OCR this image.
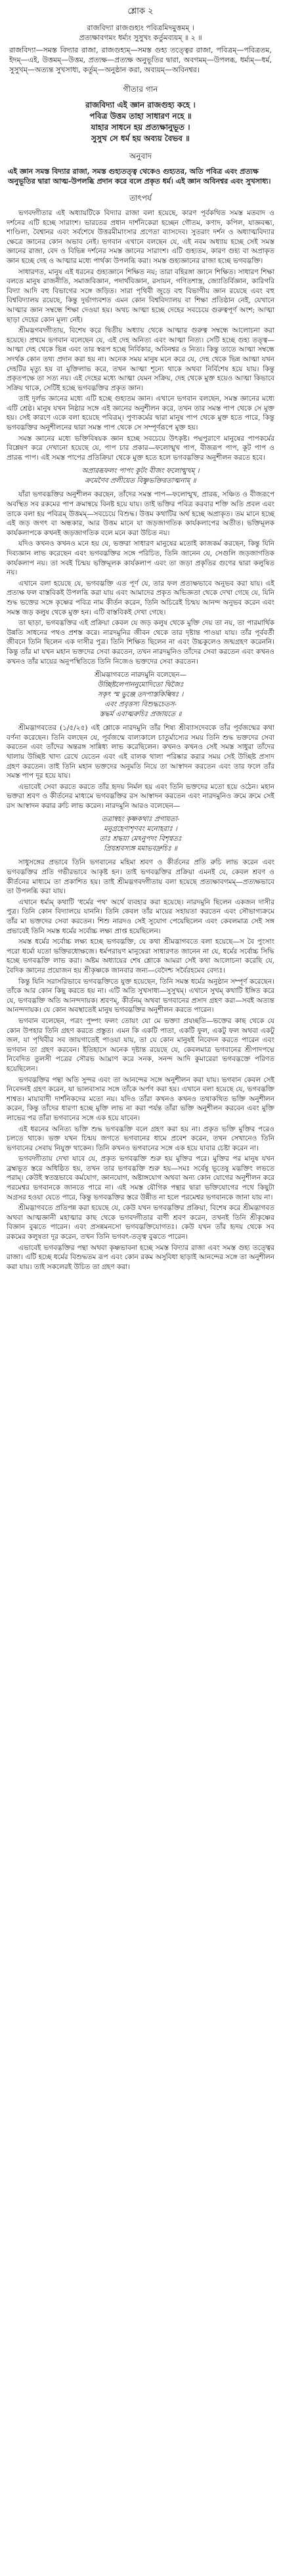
শ্লোক ২
রাজবিদ্যা রাজগুহ্যং পবিত্রমিদমুত্তমম্ ।
প্রত্যক্ষাবগমং ধর্ম্যং সুসুখং কর্তুমব্যয়ম্ ॥ ২ ॥
রাজবিদ্যা—সমস্ত বিদ্যার রাজা, রাজগুহ্যম্—সমস্ত গুহ্য তত্ত্বের রাজা, পবিত্রম্—পবিত্রতম, ইদম্—এই, উত্তমম্—উত্তম, প্রত্যক্ষ—প্রত্যক্ষ অনুভূতির দ্বারা, অবগমম্—উপলব্ধ, ধর্ম্যম্—ধর্ম, সুসুখম্—অত্যন্ত সুখসাধ্য, কর্তুম্—অনুষ্ঠান করা, অব্যয়ম্—অবিনশ্বর।
গীতার গান
রাজবিদ্যা এই জ্ঞান রাজগুহ্য কহে ।
পবিত্র উত্তম তাহা সাধারণ নহে ॥
যাহার সাধনে হয় প্রত্যক্ষানুভূত ।
সুসুখ সে ধর্ম হয় অব্যয় বৈভব ॥
অনুবাদ
এই জ্ঞান সমস্ত বিদ্যার রাজা, সমস্ত গুহ্যতত্ত্ব থেকেও গুহ্যতর, অতি পবিত্র এবং প্রত্যক্ষ অনুভূতির দ্বারা আত্ম-উপলব্ধি প্রদান করে বলে প্রকৃত ধর্ম। এই জ্ঞান অবিনশ্বর এবং সুখসাধ্য।
তাৎপর্য

ভগবদ্গীতার এই অধ্যায়টিকে বিদ্যার রাজা বলা হয়েছে, কারণ পূর্বকথিত সমস্ত মতবাদ ও দর্শনের এটি হচ্ছে সারাংশ। ভারতের প্রধান দার্শনিকেরা হচ্ছেন গৌতম, কণাদ, কপিল, যাজ্ঞবল্ক্য, শাণ্ডিল্য, বৈশ্বানর এবং সর্বশেষে উত্তরমীমাংসার প্রণেতা ব্যাসদেব। সুতরাং দর্শন ও অধ্যাত্মবিদ্যার ক্ষেত্রে জ্ঞানের কোন অভাব নেই। ভগবান এখানে বলছেন যে, এই নবম অধ্যায় হচ্ছে সেই সমস্ত জ্ঞানের রাজা, বেদ ও বিভিন্ন দর্শনের সমস্ত জ্ঞানের সারাংশ। এটি গুহ্যতম, কারণ গুহ্য বা অপ্রাকৃত জ্ঞান হচ্ছে দেহ ও আত্মার মধ্যে পার্থক্য উপলব্ধি করা। সমস্ত গুহ্যজ্ঞানের রাজা হচ্ছে ভগবদ্ভক্তি।

সাধারণত, মানুষ এই ধরনের গুহ্যজ্ঞানে শিক্ষিত নয়; তারা বহিরঙ্গা জ্ঞানে শিক্ষিত। সাধারণ শিক্ষা বলতে মানুষ রাজনীতি, সমাজবিজ্ঞান, পদার্থবিজ্ঞান, রসায়ন, গণিতশাস্ত্র, জ্যোতির্বিজ্ঞান, কারিগরি বিদ্যা আদি বহু বিভাগের সঙ্গে জড়িত। সারা পৃথিবী জুড়ে বহু বিভাগীয় জ্ঞান রয়েছে এবং বহু বিশ্ববিদ্যালয় রয়েছে, কিন্তু দুর্ভাগ্যবশত এমন কোন বিশ্ববিদ্যালয় বা শিক্ষা প্রতিষ্ঠান নেই, যেখানে আত্মার জ্ঞান সম্বন্ধে শিক্ষা দেওয়া হয়। অথচ আত্মা হচ্ছে দেহের সবচেয়ে গুরুত্বপূর্ণ অংশ; আত্মা ছাড়া দেহের কোন মূল্য নেই।

শ্রীমদ্ভগবদ্গীতায়, বিশেষ করে দ্বিতীয় অধ্যায় থেকে আত্মার গুরুত্ব সম্বন্ধে আলোচনা করা হয়েছে। প্রথমে ভগবান বলেছেন যে, এই দেহ অনিত্য এবং আত্মা নিত্য। সেটি হচ্ছে গুহ্য তত্ত্ব—আত্মা দেহ থেকে ভিন্ন এবং তার স্বরূপ হচ্ছে নির্বিকার, অবিনশ্বর ও নিত্য। কিন্তু তাতে আত্মা সম্বন্ধে সদর্থক কোন তথ্য প্রদান করা হয় না। অনেক সময় মানুষ মনে করে যে, দেহ থেকে ভিন্ন আত্মা যখন দেহটির মৃত্যু হয় বা মুক্তিলাভ করে, তখন আত্মা শূন্যে থাকে অথবা নির্বিশেষ হয়ে যায়। কিন্তু প্রকৃতপক্ষে তা সত্য নয়। এই দেহের মধ্যে আত্মা যেমন সক্রিয়, দেহ থেকে মুক্ত হয়েও আত্মা কিভাবে সক্রিয় থাকে, সেটিই হচ্ছে ভগবদ্ভক্তির প্রকৃত জ্ঞান।

তাই দুর্লভ জ্ঞানের মধ্যে এটি হচ্ছে গুহ্যতম জ্ঞান। এখানে ভগবান বলছেন, সমস্ত জ্ঞানের মধ্যে এটি শ্রেষ্ঠ। মানুষ যখন নিষ্ঠার সঙ্গে এই জ্ঞানের অনুশীলন করে, তখন তার সমস্ত পাপ থেকে সে মুক্ত হয়। সেই কারণে একে বলা হয়েছে পবিত্রম্। পুণ্যকর্মের দ্বারা মানুষ পাপ থেকে মুক্ত হতে পারে, কিন্তু ভগবদ্ভক্তির অনুশীলনের দ্বারা সমস্ত পাপ থেকে সে সম্পূর্ণরূপে মুক্ত হয়।

সমস্ত জ্ঞানের মধ্যে ভক্তিবিষয়ক জ্ঞান হচ্ছে সবচেয়ে উৎকৃষ্ট। পদ্মপুরাণে মানুষের পাপকর্মের বিশ্লেষণ করে দেখানো হয়েছে যে, পাপ চার প্রকার—ফলোন্মুখ পাপ, বীজরূপ পাপ, কূট পাপ ও প্রারব্ধ পাপ। এই সমস্ত পাপের প্রতিক্রিয়া থেকে মুক্ত হতে হলে ভগবদ্ভক্তির অনুশীলন করতে হবে।

অপ্রারব্ধফলং পাপং কূটং বীজং ফলোন্মুখম্ ।
ক্রমেণৈব প্রলীয়েত বিষ্ণুভক্তিরতাত্মনাম্ ॥

যাঁরা ভগবদ্ভক্তির অনুশীলন করছেন, তাঁদের সমস্ত পাপ—ফলোন্মুখ, প্রারব্ধ, সঞ্চিত ও বীজরূপে অবস্থিত সব রকমের পাপ ক্রমান্বয়ে বিনষ্ট হয়ে যায়। তাই ভক্তির পবিত্র করবার শক্তি অতি প্রবল এবং তাকে বলা হয় পবিত্রম্ উত্তমম্—সবচেয়ে বিশুদ্ধ। উত্তম কথাটির অর্থ হচ্ছে অপ্রাকৃত। তম মানে হচ্ছে এই জড় জগৎ বা অন্ধকার, আর উত্তম মানে যা জড়জাগতিক কার্যকলাপের অতীত। ভক্তিমূলক কার্যকলাপকে কখনই জড়জাগতিক বলে মনে করা উচিত নয়।

যদিও কখনও কখনও মনে হয় যে, ভক্তরা সাধারণ মানুষের মতোই কাজকর্ম করছেন, কিন্তু যিনি দিব্যজ্ঞান লাভ করেছেন এবং ভগবদ্ভক্তির সঙ্গে পরিচিত, তিনি জানেন যে, সেগুলি জড়জাগতিক কার্যকলাপ নয়। তা সবই চিন্ময় ভক্তিমূলক কার্যকলাপ এবং তা জড়া প্রকৃতির গুণের দ্বারা কলুষিত নয়।

এখানে বলা হয়েছে যে, ভগবদ্ভক্তি এত পূর্ণ যে, তার ফল প্রত্যক্ষভাবে অনুভব করা যায়। এই প্রত্যক্ষ ফল বাস্তবিকই উপলব্ধি করা যায় এবং আমাদের প্রকৃত অভিজ্ঞতা থেকে দেখা গেছে যে, যিনি শুদ্ধ ভক্তের সঙ্গে কৃষ্ণের পবিত্র নাম কীর্তন করেন, তিনি অচিরেই চিন্ময় আনন্দ অনুভব করেন এবং সমস্ত জড় কলুষ থেকে মুক্ত হন। এটি বাস্তবিকই দেখা গেছে।

তা ছাড়া, ভগবদ্ভক্তির এই প্রক্রিয়া কেবল যে জড় কলুষ থেকে মুক্তি দেয় তা নয়, তা পারমার্থিক উন্নতি সাধনের পথও প্রশস্ত করে। নারদমুনির জীবন থেকে তার দৃষ্টান্ত পাওয়া যায়। তাঁর পূর্ববর্তী জীবনে তিনি ছিলেন এক দাসীর পুত্র। তিনি শিক্ষিত ছিলেন না এবং উচ্চকুলেও জন্মগ্রহণ করেননি। কিন্তু তাঁর মা যখন মহান ভক্তদের সেবা করতেন, তখন নারদমুনিও তাঁদের সেবা করতেন এবং কখনও কখনও তাঁর মায়ের অনুপস্থিতিতে তিনি নিজেও ভক্তদের সেবা করতেন।

শ্রীমদ্ভাগবতে নারদমুনি বলেছেন—
উচ্ছিষ্টলেপাননুমোদিতো দ্বিজৈঃ
সকৃৎ স্ম ভুঞ্জে তদপাস্তকিল্বিষঃ ।
এবং প্রবৃত্তস্য বিশুদ্ধচেতস-
স্তদ্ধর্ম এবাত্মরুচিঃ প্রজায়তে ॥

শ্রীমদ্ভাগবতের (১/৫/২৫) এই শ্লোকে নারদমুনি তাঁর শিষ্য শ্রীব্যাসদেবকে তাঁর পূর্বজন্মের কথা বর্ণনা করেছেন। তিনি বলছেন যে, পূর্বজন্মে বাল্যকালে চাতুর্মাস্যের সময় তিনি শুদ্ধ ভক্তদের সেবা করতেন এবং তাঁদের অন্তরঙ্গ সান্নিধ্য লাভ করেছিলেন। কখনও কখনও সেই সমস্ত সাধুরা তাঁদের থালায় উচ্ছিষ্ট খাদ্য রেখে যেতেন এবং এই বালক থালা পরিষ্কার করার সময় সেই উচ্ছিষ্ট প্রসাদ গ্রহণ করতেন। তাই তিনি মহান ভক্তদের অনুমতি নিয়ে তা আস্বাদন করতেন এবং তার ফলে তাঁর সমস্ত পাপ দূর হয়ে যায়।

এভাবেই সেবা করতে করতে তাঁর হৃদয় নির্মল হয় এবং তিনি ভক্তদের মতো হয়ে ওঠেন। মহান ভক্তরা শ্রবণ ও কীর্তনের মাধ্যমে ভগবদ্ভক্তির রস আস্বাদন করতেন এবং নারদমুনিও ক্রমে ক্রমে সেই রস আস্বাদন করার রুচি লাভ করেন। নারদমুনি আরও বলেছেন—

তত্রান্বহং কৃষ্ণকথাঃ প্রগায়তা-
মনুগ্রহেণাশৃণবং মনোহরাঃ ।
তাঃ শ্রদ্ধয়া মেঽনুপদং বিশৃণ্বতঃ
প্রিয়শ্রবস্যঙ্গ মমাভবদ্রুচিঃ ॥

সাধুসঙ্গের প্রভাবে তিনি ভগবানের মহিমা শ্রবণ ও কীর্তনের প্রতি রুচি লাভ করেন এবং ভগবদ্ভক্তির প্রতি গভীরভাবে আকৃষ্ট হন। তাই ভগবদ্ভক্তির প্রক্রিয়া এমনই যে, কেবল শ্রবণ ও কীর্তনের মাধ্যমে তা প্রকাশিত হয়। তাই শ্রীমদ্ভগবদ্গীতায় বলা হয়েছে প্রত্যক্ষাবগমম্—প্রত্যক্ষভাবে তা উপলব্ধি করা যায়।

এখানে ধর্ম্যম্ কথাটি 'ধর্মের পথ' অর্থে ব্যবহার করা হয়েছে। নারদমুনি ছিলেন একজন দাসীর পুত্র। তিনি কোন বিদ্যালয়ে যাননি। তিনি কেবল তাঁর মায়ের সহায়তা করতেন এবং সৌভাগ্যক্রমে তাঁর মা ভক্তদের সেবা করতেন। শিশু নারদও সেই সুযোগ পেয়েছিলেন এবং কেবলমাত্র সেই সঙ্গ প্রভাবেই তিনি সমস্ত ধর্মের সর্বোচ্চ লক্ষ্য প্রাপ্ত হয়েছিলেন।

সমস্ত ধর্মের সর্বোচ্চ লক্ষ্য হচ্ছে ভগবদ্ভক্তি, যে কথা শ্রীমদ্ভাগবতে বলা হয়েছে—স বৈ পুংসাং পরো ধর্মো যতো ভক্তিরধোক্ষজে। ধর্মপরায়ণ মানুষেরা সাধারণত জানেন না যে, ধর্মের সর্বোচ্চ সিদ্ধি হচ্ছে ভগবদ্ভক্তি লাভ করা। অষ্টম অধ্যায়ের শেষ শ্লোকে আমরা সেই কথা আলোচনা করেছি যে, বৈদিক জ্ঞানের প্রয়োজন হয় শ্রীকৃষ্ণকে জানবার জন্য—বেদৈশ্চ সর্বৈরহমেব বেদ্যঃ।

কিন্তু যিনি সরাসরিভাবে ভগবদ্ভক্তিতে যুক্ত হয়েছেন, তিনি সমস্ত ধর্মের অনুষ্ঠান সম্পূর্ণ করেছেন। তাঁকে আর কোন কিছু করতে হয় না। এটি অতি সুখসাধ্য—সুসুখম্। এখানে সুখম্ কথাটি ইঙ্গিত করে যে, ভগবদ্ভক্তি অতি আনন্দদায়ক। শ্রবণম্, কীর্তনম্ অথবা ভগবানের প্রসাদ গ্রহণ করা—সবই অত্যন্ত আনন্দদায়ক। যে কোন অবস্থাতেই মানুষ ভগবদ্ভক্তির অনুশীলন করতে পারেন।

ভগবান বলেছেন, পত্রং পুষ্পং ফলং তোয়ং যো মে ভক্ত্যা প্রযচ্ছতি—ভক্তের কাছ থেকে যে কোন উপহার তিনি গ্রহণ করতে প্রস্তুত। এমন কি একটি পাতা, একটি ফুল, একটু ফল অথবা একটু জল, যা পৃথিবীর সব জায়গাতেই পাওয়া যায়, তা যে কোন মানুষই নিবেদন করতে পারেন এবং ভগবান তা গ্রহণ করবেন। ইতিহাসে অনেক দৃষ্টান্ত রয়েছে যে, কেবলমাত্র ভগবানের শ্রীপাদপদ্মে নিবেদিত তুলসী পত্রের সৌরভ আঘ্রাণ করে সনক, সনন্দ আদি কুমারেরা ভগবদ্ভক্তে পরিণত হয়েছিলেন।

ভগবদ্ভক্তির পন্থা অতি সুন্দর এবং তা আনন্দের সঙ্গে অনুশীলন করা যায়। ভগবান কেবল সেই নিবেদনই গ্রহণ করেন, যা ভালবাসার সঙ্গে তাঁকে অর্পণ করা হয়। এখানে বলা হয়েছে যে, ভগবদ্ভক্তি শাশ্বত। মায়াবাদী দার্শনিকদের মতো নয়। যদিও তাঁরা কখনও কখনও তথাকথিত ভক্তি অনুশীলন করেন, কিন্তু তাঁদের ধারণা হচ্ছে মুক্তি লাভ না করা পর্যন্ত তাঁরা ভক্তি অনুশীলন করবেন এবং মুক্তি লাভের পর তাঁরা ভগবানের সঙ্গে এক হয়ে যাবেন।

এই ধরনের অনিত্য ভক্তি শুদ্ধ ভগবদ্ভক্তি বলে গ্রহণ করা হয় না। প্রকৃত ভক্তি মুক্তির পরেও চলতে থাকে। ভক্ত যখন চিন্ময় জগতে ভগবানের ধামে প্রবেশ করেন, তখন সেখানেও তিনি ভগবানের সেবায় নিযুক্ত থাকেন। তিনি কখনও ভগবানের সঙ্গে এক হয়ে যাবার চেষ্টা করেন না।

ভগবদ্গীতায় দেখা যাবে যে, প্রকৃত ভগবদ্ভক্তি শুরু হয় মুক্তির পরে। মুক্তির পর মানুষ যখন ব্রহ্মভূত স্তরে অধিষ্ঠিত হয়, তখন তার ভগবদ্ভক্তি শুরু হয়—সমঃ সর্বেষু ভূতেষু মদ্ভক্তিং লভতে পরাম্। কেউই স্বতন্ত্রভাবে কর্মযোগ, জ্ঞানযোগ, অষ্টাঙ্গযোগ অথবা অন্য কোন যোগের অনুশীলন করে পরমেশ্বর ভগবানকে জানতে পারে না। এই সমস্ত যৌগিক পন্থার দ্বারা ভক্তিযোগের পথে কিছুটা অগ্রসর হওয়া যেতে পারে, কিন্তু ভগবদ্ভক্তির স্তরে উন্নীত না হলে পরমেশ্বর ভগবানকে জানা যায় না।

শ্রীমদ্ভাগবতে প্রতিপন্ন করা হয়েছে যে, কেউ যখন ভগবদ্ভক্তির প্রক্রিয়া, বিশেষ করে শ্রীমদ্ভাগবত অথবা আত্মজ্ঞানী মহাত্মার কাছ থেকে ভগবদ্গীতার বাণী শ্রবণ করেন, তখনই তিনি শ্রীকৃষ্ণের বিজ্ঞান বুঝতে পারেন। এবং প্রসন্নমনসো ভগবদ্ভক্তিযোগতঃ। কেউ যখন তাঁর হৃদয় থেকে সব রকমের কলুষতা দূর করেন, তখন তিনি ভগবৎ-তত্ত্ব বুঝতে পারেন।

এভাবেই ভগবদ্ভক্তির পন্থা অথবা কৃষ্ণভাবনা হচ্ছে সমস্ত বিদ্যার রাজা এবং সমস্ত গুহ্য তত্ত্বের রাজা। এটি হচ্ছে ধর্মের বিশুদ্ধতম রূপ এবং কোন রকম অসুবিধা ছাড়াই আনন্দের সঙ্গে তা অনুশীলন করা যায়। তাই সকলেরই উচিত তা গ্রহণ করা।
